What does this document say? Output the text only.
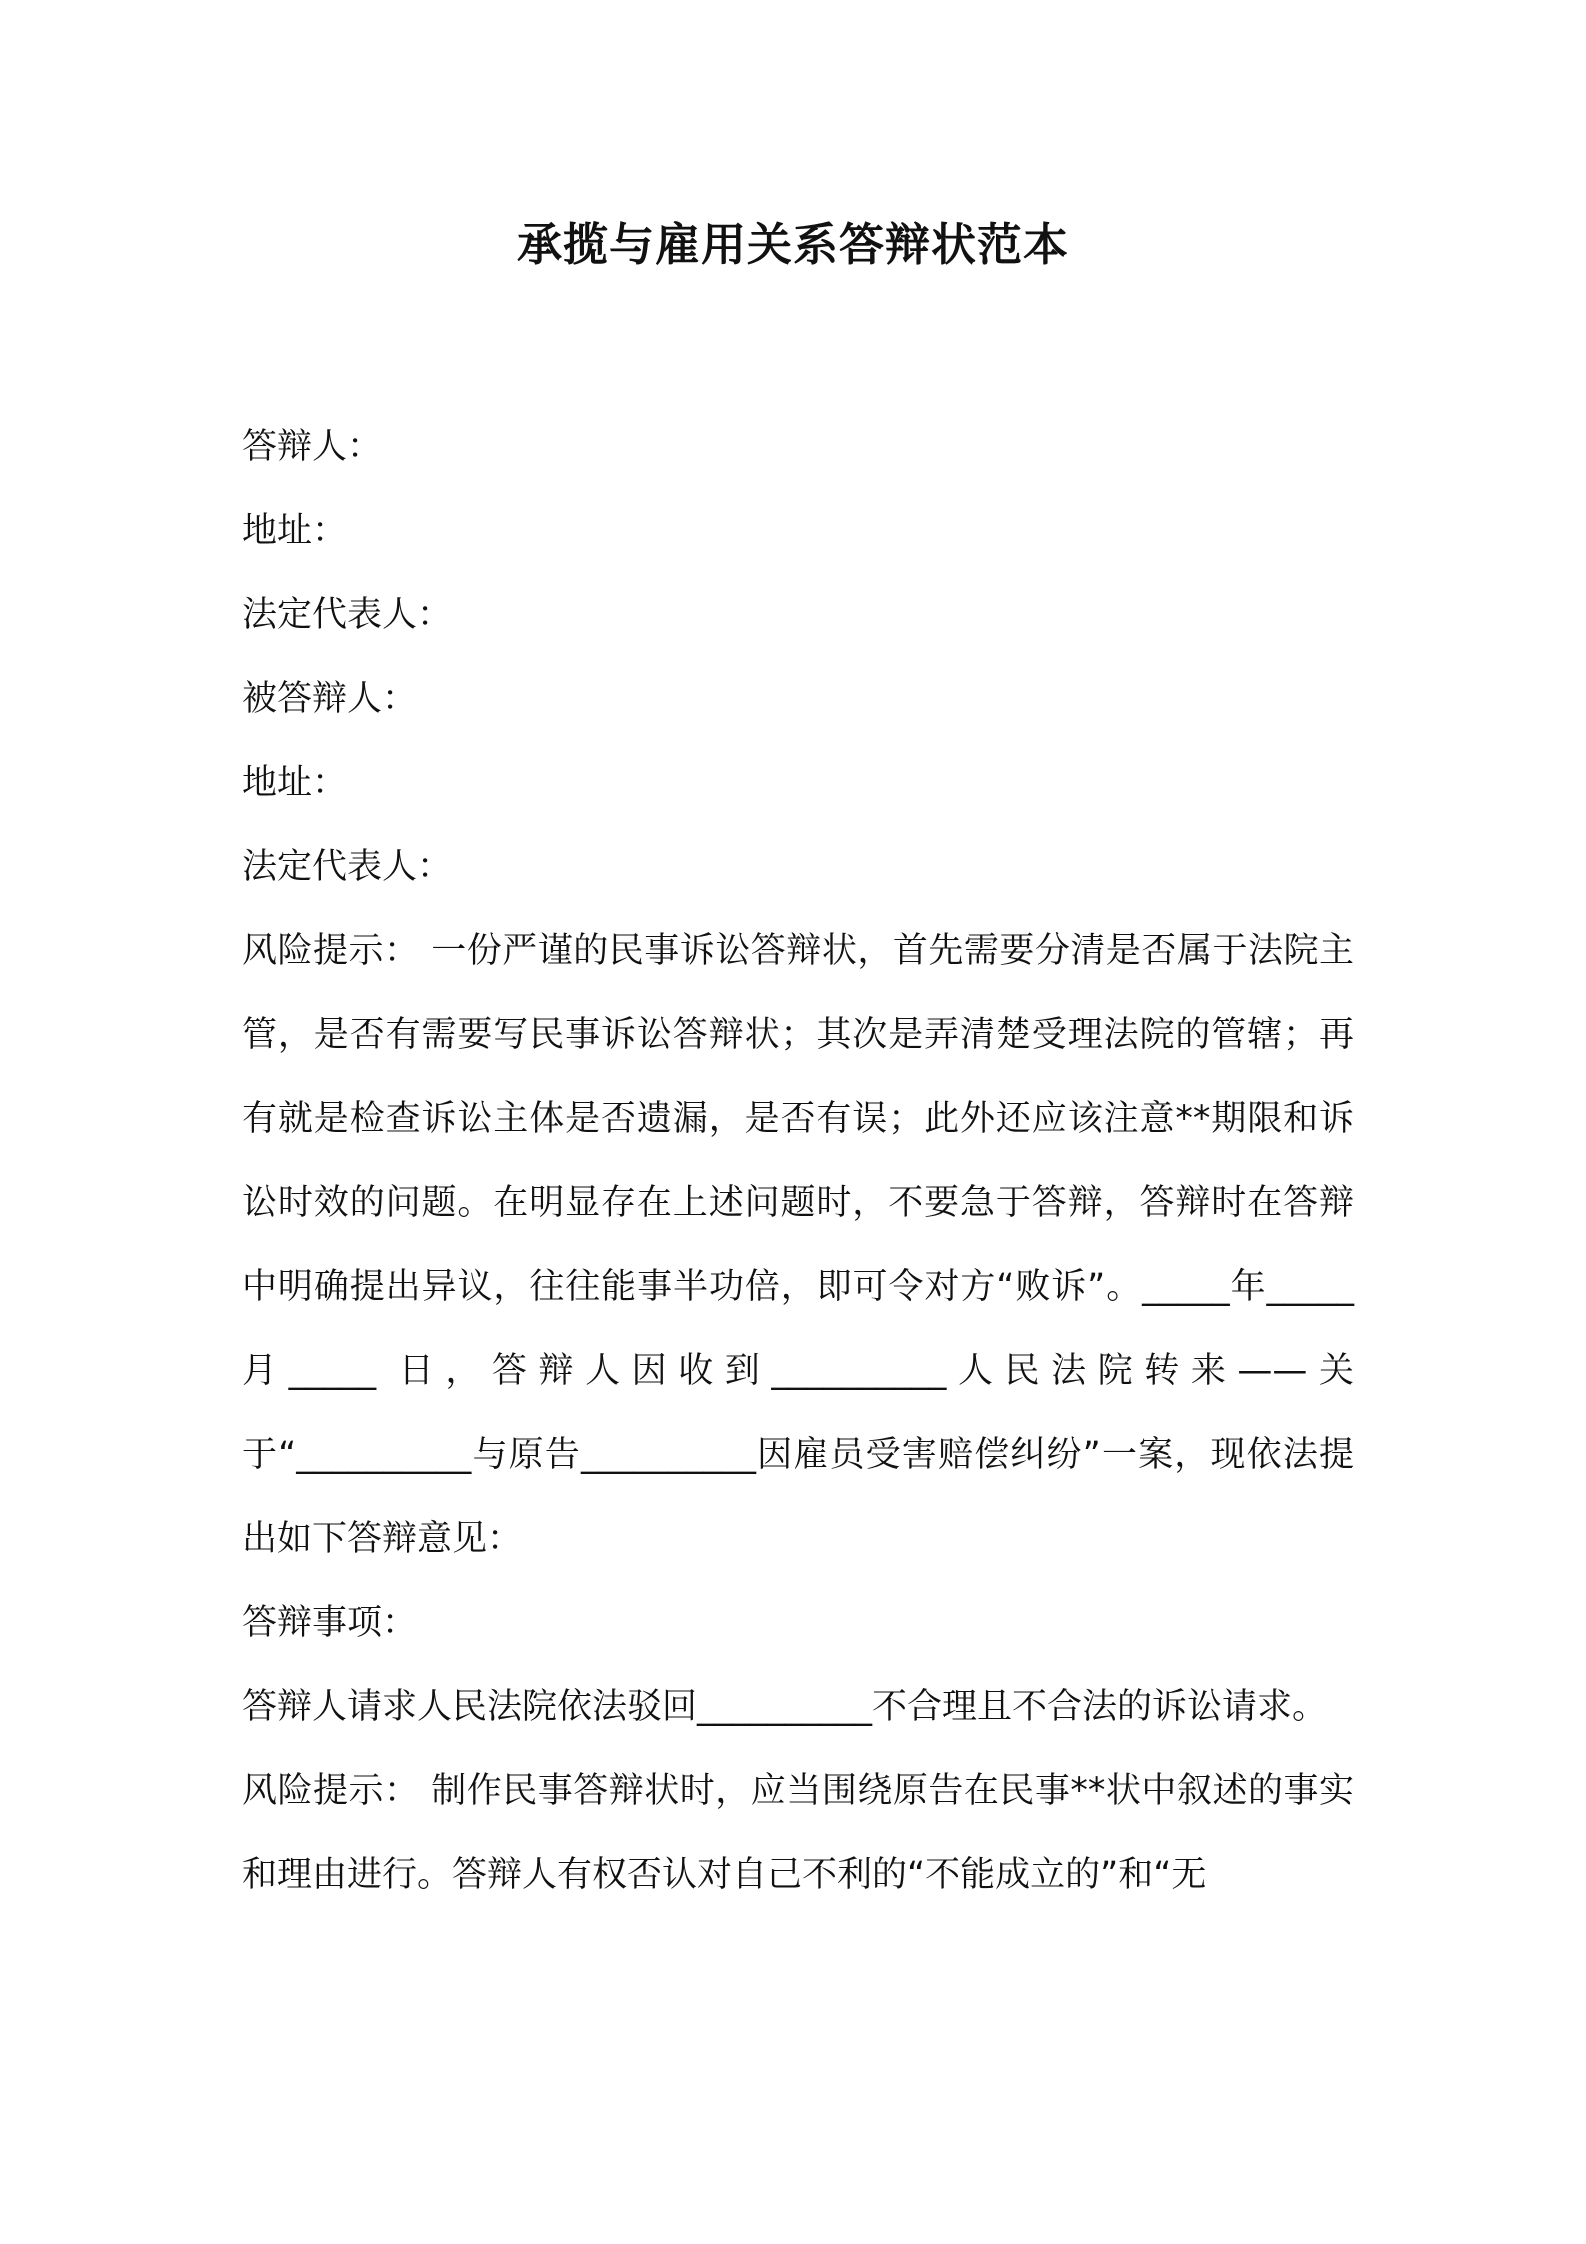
承揽与雇用关系答辩状范本
答辩人：
地址：
法定代表人：
被答辩人：
地址：
法定代表人：
风险提示： 一份严谨的民事诉讼答辩状，首先需要分清是否属于法院主管，是否有需要写民事诉讼答辩状；其次是弄清楚受理法院的管辖；再有就是检查诉讼主体是否遗漏，是否有误；此外还应该注意**期限和诉讼时效的问题。在明显存在上述问题时，不要急于答辩，答辩时在答辩中明确提出异议，往往能事半功倍，即可令对方“败诉”。_____年_____月_____ 日，答辩人因收到__________人民法院转来——关于“__________与原告__________因雇员受害赔偿纠纷”一案，现依法提出如下答辩意见：
答辩事项：
答辩人请求人民法院依法驳回__________不合理且不合法的诉讼请求。
风险提示： 制作民事答辩状时，应当围绕原告在民事**状中叙述的事实和理由进行。答辩人有权否认对自己不利的“不能成立的”和“无
